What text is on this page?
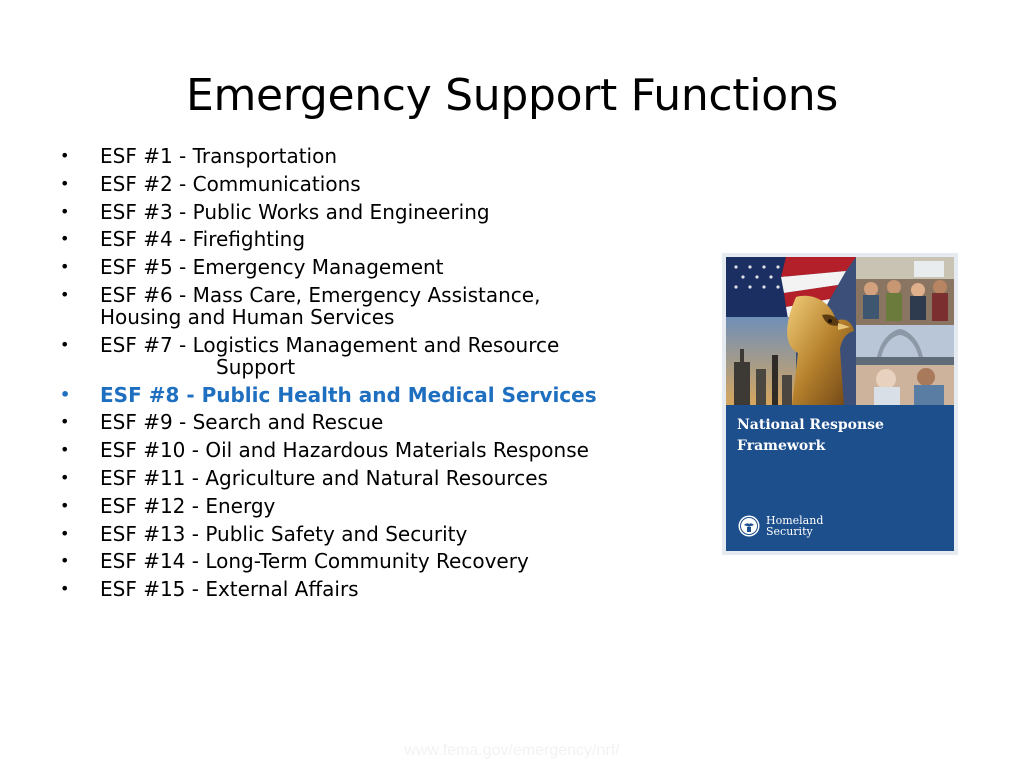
Emergency Support Functions
• ESF #1 - Transportation
• ESF #2 - Communications
• ESF #3 - Public Works and Engineering
• ESF #4 - Firefighting
• ESF #5 - Emergency Management
• ESF #6 - Mass Care, Emergency Assistance,
Housing and Human Services
• ESF #7 - Logistics Management and Resource
Support
• ESF #8 - Public Health and Medical Services
• ESF #9 - Search and Rescue
• ESF #10 - Oil and Hazardous Materials Response
• ESF #11 - Agriculture and Natural Resources
• ESF #12 - Energy
• ESF #13 - Public Safety and Security
• ESF #14 - Long-Term Community Recovery
• ESF #15 - External Affairs
National Response
Framework
Homeland
Security
www.fema.gov/emergency/nrf/
